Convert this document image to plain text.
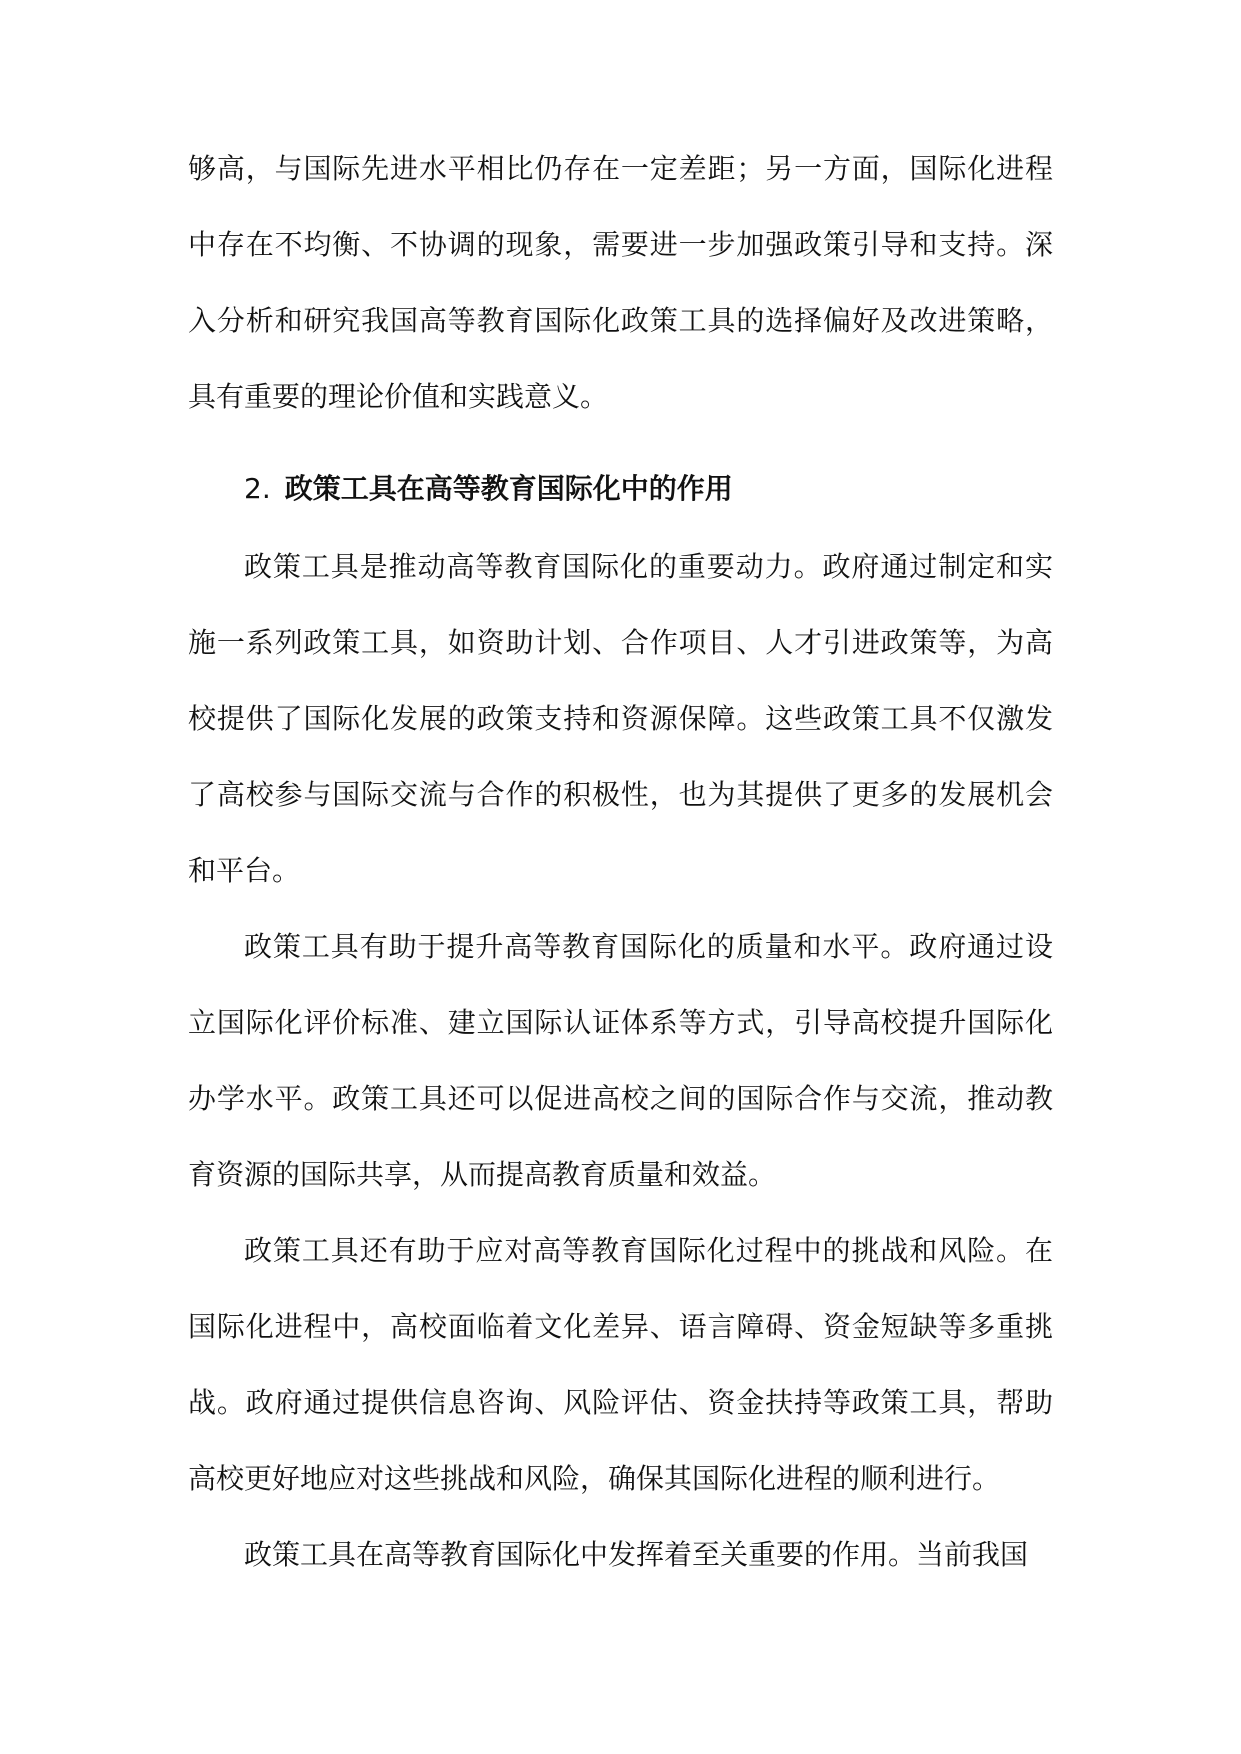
够高，与国际先进水平相比仍存在一定差距；另一方面，国际化进程中存在不均衡、不协调的现象，需要进一步加强政策引导和支持。深入分析和研究我国高等教育国际化政策工具的选择偏好及改进策略，具有重要的理论价值和实践意义。

2. 政策工具在高等教育国际化中的作用

政策工具是推动高等教育国际化的重要动力。政府通过制定和实施一系列政策工具，如资助计划、合作项目、人才引进政策等，为高校提供了国际化发展的政策支持和资源保障。这些政策工具不仅激发了高校参与国际交流与合作的积极性，也为其提供了更多的发展机会和平台。

政策工具有助于提升高等教育国际化的质量和水平。政府通过设立国际化评价标准、建立国际认证体系等方式，引导高校提升国际化办学水平。政策工具还可以促进高校之间的国际合作与交流，推动教育资源的国际共享，从而提高教育质量和效益。

政策工具还有助于应对高等教育国际化过程中的挑战和风险。在国际化进程中，高校面临着文化差异、语言障碍、资金短缺等多重挑战。政府通过提供信息咨询、风险评估、资金扶持等政策工具，帮助高校更好地应对这些挑战和风险，确保其国际化进程的顺利进行。

政策工具在高等教育国际化中发挥着至关重要的作用。当前我国
